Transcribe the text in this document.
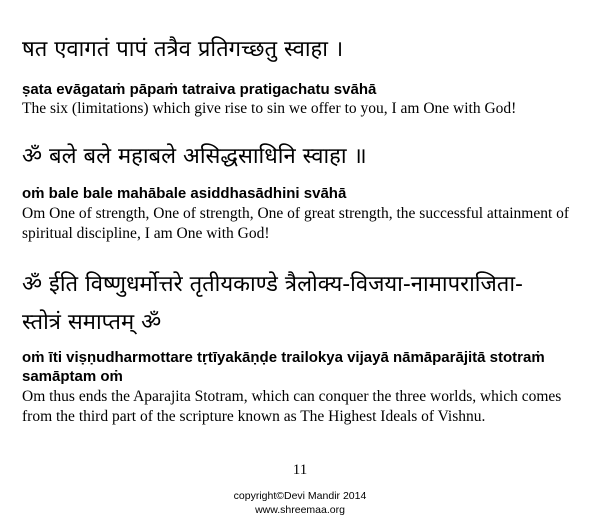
षत एवागतं पापं तत्रैव प्रतिगच्छतु स्वाहा ।
ṣata evāgataṁ pāpaṁ tatraiva pratigachatu svāhā
The six (limitations) which give rise to sin we offer to you, I am One with God!
ॐ बले बले महाबले असिद्धसाधिनि स्वाहा ॥
oṁ bale bale mahābale asiddhasādhini svāhā
Om One of strength, One of strength, One of great strength, the successful attainment of spiritual discipline, I am One with God!
ॐ ईति विष्णुधर्मोत्तरे तृतीयकाण्डे त्रैलोक्य-विजया-नामापराजिता-
स्तोत्रं समाप्तम् ॐ
oṁ īti viṣṇudharmottare tṛtīyakāṇḍe trailokya vijayā nāmāparājitā stotraṁ samāptam oṁ
Om thus ends the Aparajita Stotram, which can conquer the three worlds, which comes from the third part of the scripture known as The Highest Ideals of Vishnu.
11
copyright©Devi Mandir 2014
www.shreemaa.org
